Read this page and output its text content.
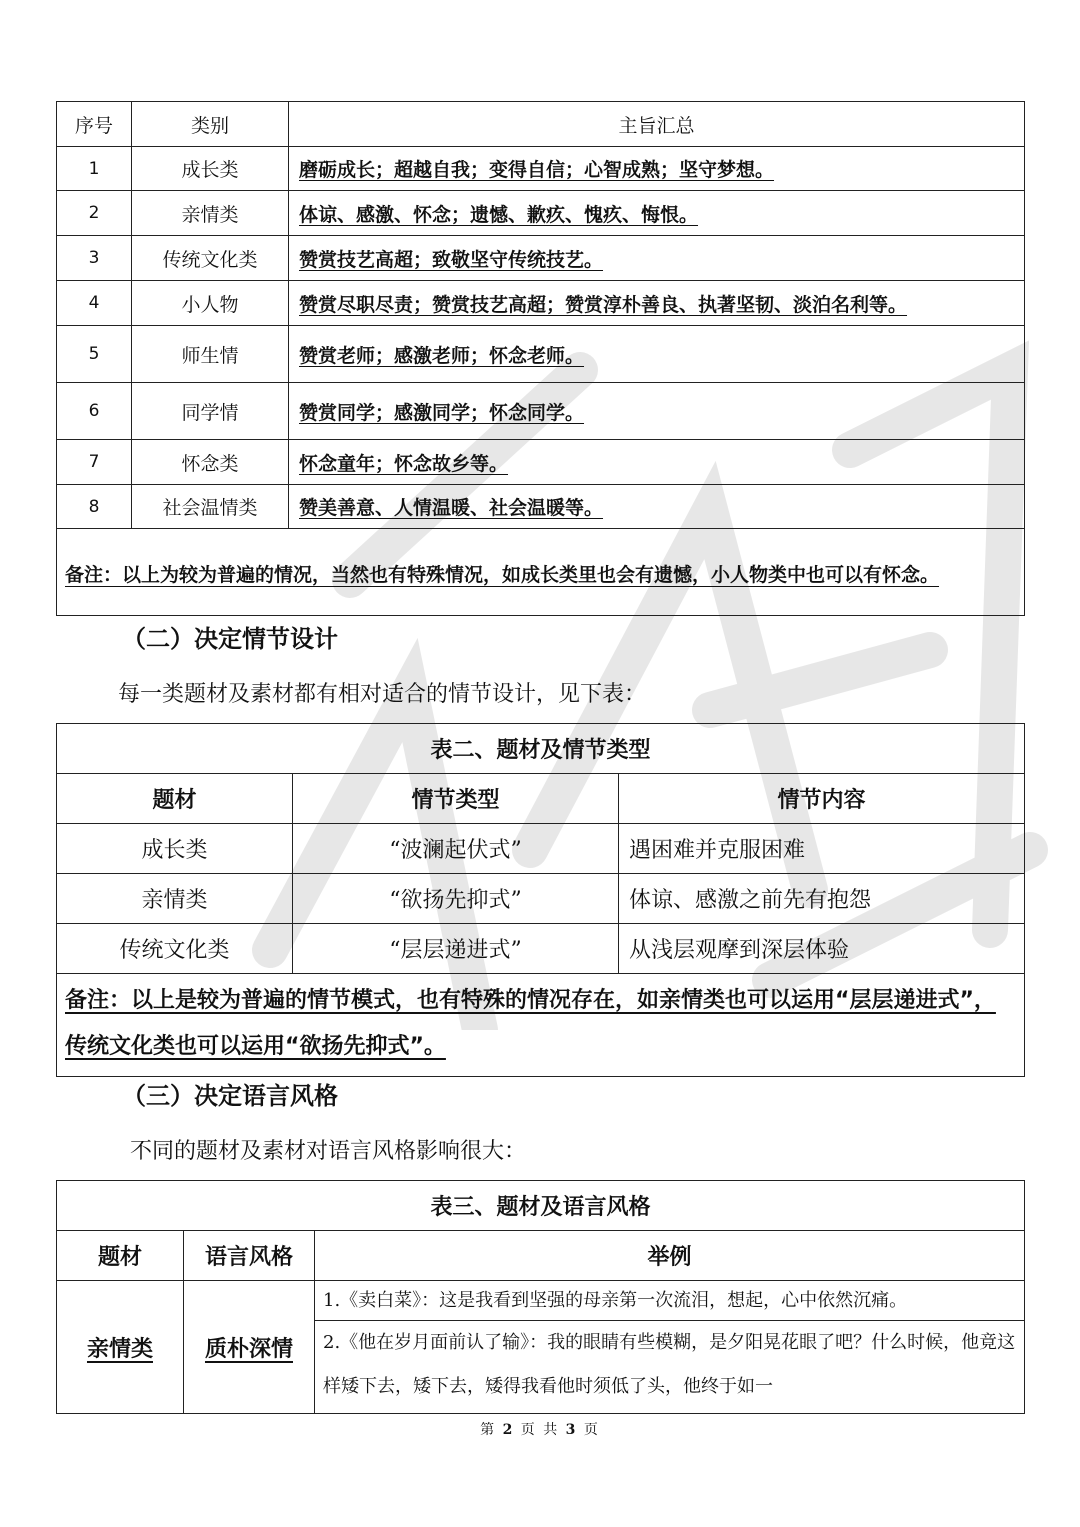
序号	类别	主旨汇总
1	成长类	磨砺成长；超越自我；变得自信；心智成熟；坚守梦想。
2	亲情类	体谅、感激、怀念；遗憾、歉疚、愧疚、悔恨。
3	传统文化类	赞赏技艺高超；致敬坚守传统技艺。
4	小人物	赞赏尽职尽责；赞赏技艺高超；赞赏淳朴善良、执著坚韧、淡泊名利等。
5	师生情	赞赏老师；感激老师；怀念老师。
6	同学情	赞赏同学；感激同学；怀念同学。
7	怀念类	怀念童年；怀念故乡等。
8	社会温情类	赞美善意、人情温暖、社会温暖等。
备注：以上为较为普遍的情况，当然也有特殊情况，如成长类里也会有遗憾，小人物类中也可以有怀念。		
（二）决定情节设计
每一类题材及素材都有相对适合的情节设计，见下表：
表二、题材及情节类型		
题材	情节类型	情节内容
成长类	“波澜起伏式”	遇困难并克服困难
亲情类	“欲扬先抑式”	体谅、感激之前先有抱怨
传统文化类	“层层递进式”	从浅层观摩到深层体验
备注：以上是较为普遍的情节模式，也有特殊的情况存在，如亲情类也可以运用“层层递进式”，传统文化类也可以运用“欲扬先抑式”。		
（三）决定语言风格
不同的题材及素材对语言风格影响很大：
表三、题材及语言风格		
题材	语言风格	举例
亲情类	质朴深情	1.《卖白菜》：这是我看到坚强的母亲第一次流泪，想起，心中依然沉痛。
		2.《他在岁月面前认了输》：我的眼睛有些模糊，是夕阳晃花眼了吧？什么时候，他竟这样矮下去，矮下去，矮得我看他时须低了头，他终于如一
第 2 页 共 3 页
